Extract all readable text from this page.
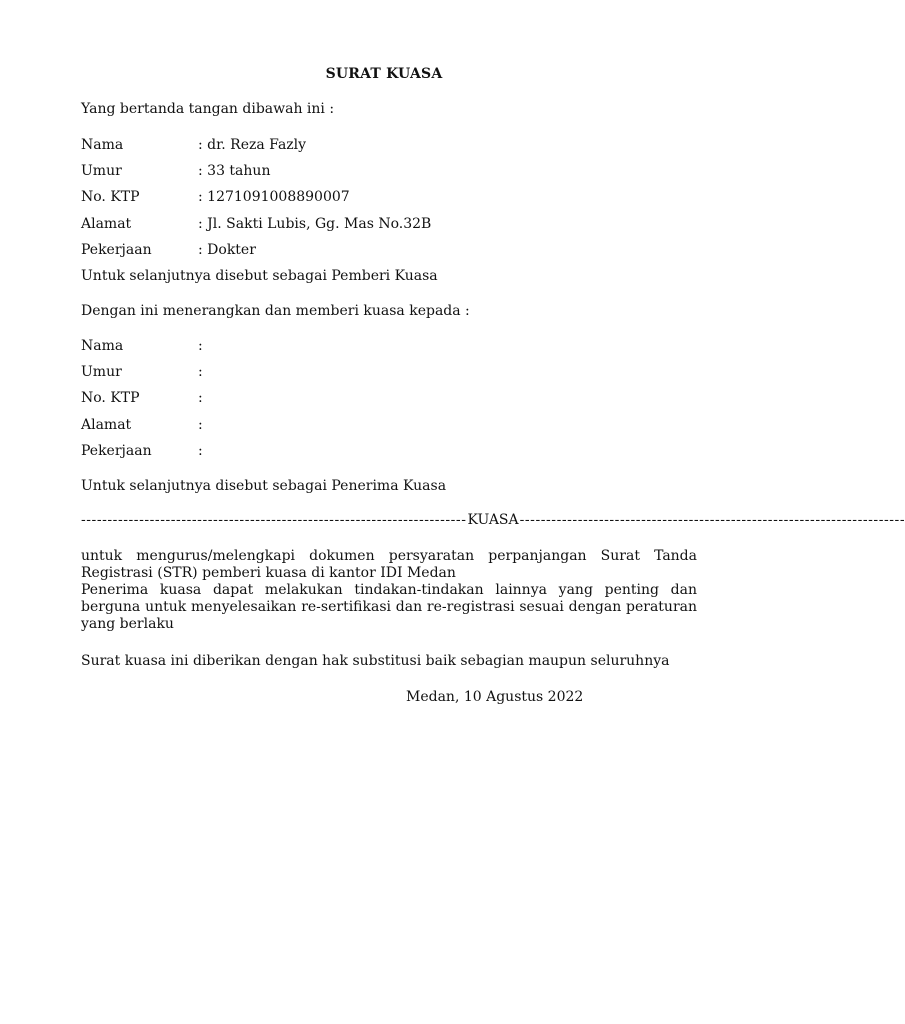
SURAT KUASA
Yang bertanda tangan dibawah ini :
Nama	: dr. Reza Fazly
Umur	: 33 tahun
No. KTP	: 1271091008890007
Alamat	: Jl. Sakti Lubis, Gg. Mas No.32B
Pekerjaan	: Dokter
Untuk selanjutnya disebut sebagai Pemberi Kuasa
Dengan ini menerangkan dan memberi kuasa kepada :
Nama	:
Umur	:
No. KTP	:
Alamat	:
Pekerjaan	:
Untuk selanjutnya disebut sebagai Penerima Kuasa
------------------------------------------------------------------------- KUASA -------------------------------------------------------------------------
untuk mengurus/melengkapi dokumen persyaratan perpanjangan Surat Tanda Registrasi (STR) pemberi kuasa di kantor IDI Medan
Penerima kuasa dapat melakukan tindakan-tindakan lainnya yang penting dan berguna untuk menyelesaikan re-sertifikasi dan re-registrasi sesuai dengan peraturan yang berlaku
Surat kuasa ini diberikan dengan hak substitusi baik sebagian maupun seluruhnya
Medan, 10 Agustus 2022
